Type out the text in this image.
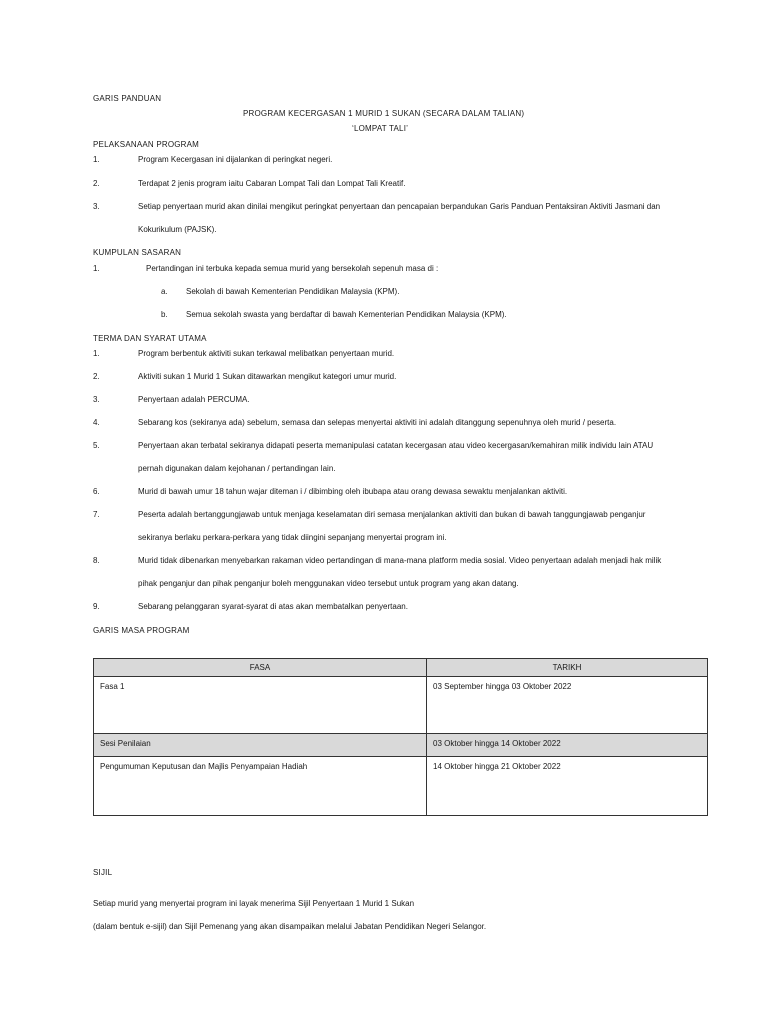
GARIS PANDUAN
PROGRAM KECERGASAN 1 MURID 1 SUKAN (SECARA DALAM TALIAN)
‘LOMPAT TALI’
PELAKSANAAN PROGRAM
1.	Program Kecergasan ini dijalankan di peringkat negeri.
2.	Terdapat 2 jenis program iaitu Cabaran Lompat Tali dan Lompat Tali Kreatif.
3.	Setiap penyertaan murid akan dinilai mengikut peringkat penyertaan dan pencapaian berpandukan Garis Panduan Pentaksiran Aktiviti Jasmani dan
Kokurikulum (PAJSK).
KUMPULAN SASARAN
1.	Pertandingan ini terbuka kepada semua murid yang bersekolah sepenuh masa di :
a. Sekolah di bawah Kementerian Pendidikan Malaysia (KPM).
b. Semua sekolah swasta yang berdaftar di bawah Kementerian Pendidikan Malaysia (KPM).
TERMA DAN SYARAT UTAMA
1.	Program berbentuk aktiviti sukan terkawal melibatkan penyertaan murid.
2.	Aktiviti sukan 1 Murid 1 Sukan ditawarkan mengikut kategori umur murid.
3.	Penyertaan adalah PERCUMA.
4.	Sebarang kos (sekiranya ada) sebelum, semasa dan selepas menyertai aktiviti ini adalah ditanggung sepenuhnya oleh murid / peserta.
5.	Penyertaan akan terbatal sekiranya didapati peserta memanipulasi catatan kecergasan atau video kecergasan/kemahiran milik individu lain ATAU
pernah digunakan dalam kejohanan / pertandingan lain.
6.	Murid di bawah umur 18 tahun wajar diteman i / dibimbing oleh ibubapa atau orang dewasa sewaktu menjalankan aktiviti.
7.	Peserta adalah bertanggungjawab untuk menjaga keselamatan diri semasa menjalankan aktiviti dan bukan di bawah tanggungjawab penganjur
sekiranya berlaku perkara-perkara yang tidak diingini sepanjang menyertai program ini.
8.	Murid tidak dibenarkan menyebarkan rakaman video pertandingan di mana-mana platform media sosial. Video penyertaan adalah menjadi hak milik
pihak penganjur dan pihak penganjur boleh menggunakan video tersebut untuk program yang akan datang.
9.	Sebarang pelanggaran syarat-syarat di atas akan membatalkan penyertaan.
GARIS MASA PROGRAM
FASA	TARIKH
Fasa 1	03 September hingga 03 Oktober 2022
Sesi Penilaian	03 Oktober hingga 14 Oktober 2022
Pengumuman Keputusan dan Majlis Penyampaian Hadiah	14 Oktober hingga 21 Oktober 2022
SIJIL
Setiap murid yang menyertai program ini layak menerima Sijil Penyertaan 1 Murid 1 Sukan
(dalam bentuk e-sijil) dan Sijil Pemenang yang akan disampaikan melalui Jabatan Pendidikan Negeri Selangor.
